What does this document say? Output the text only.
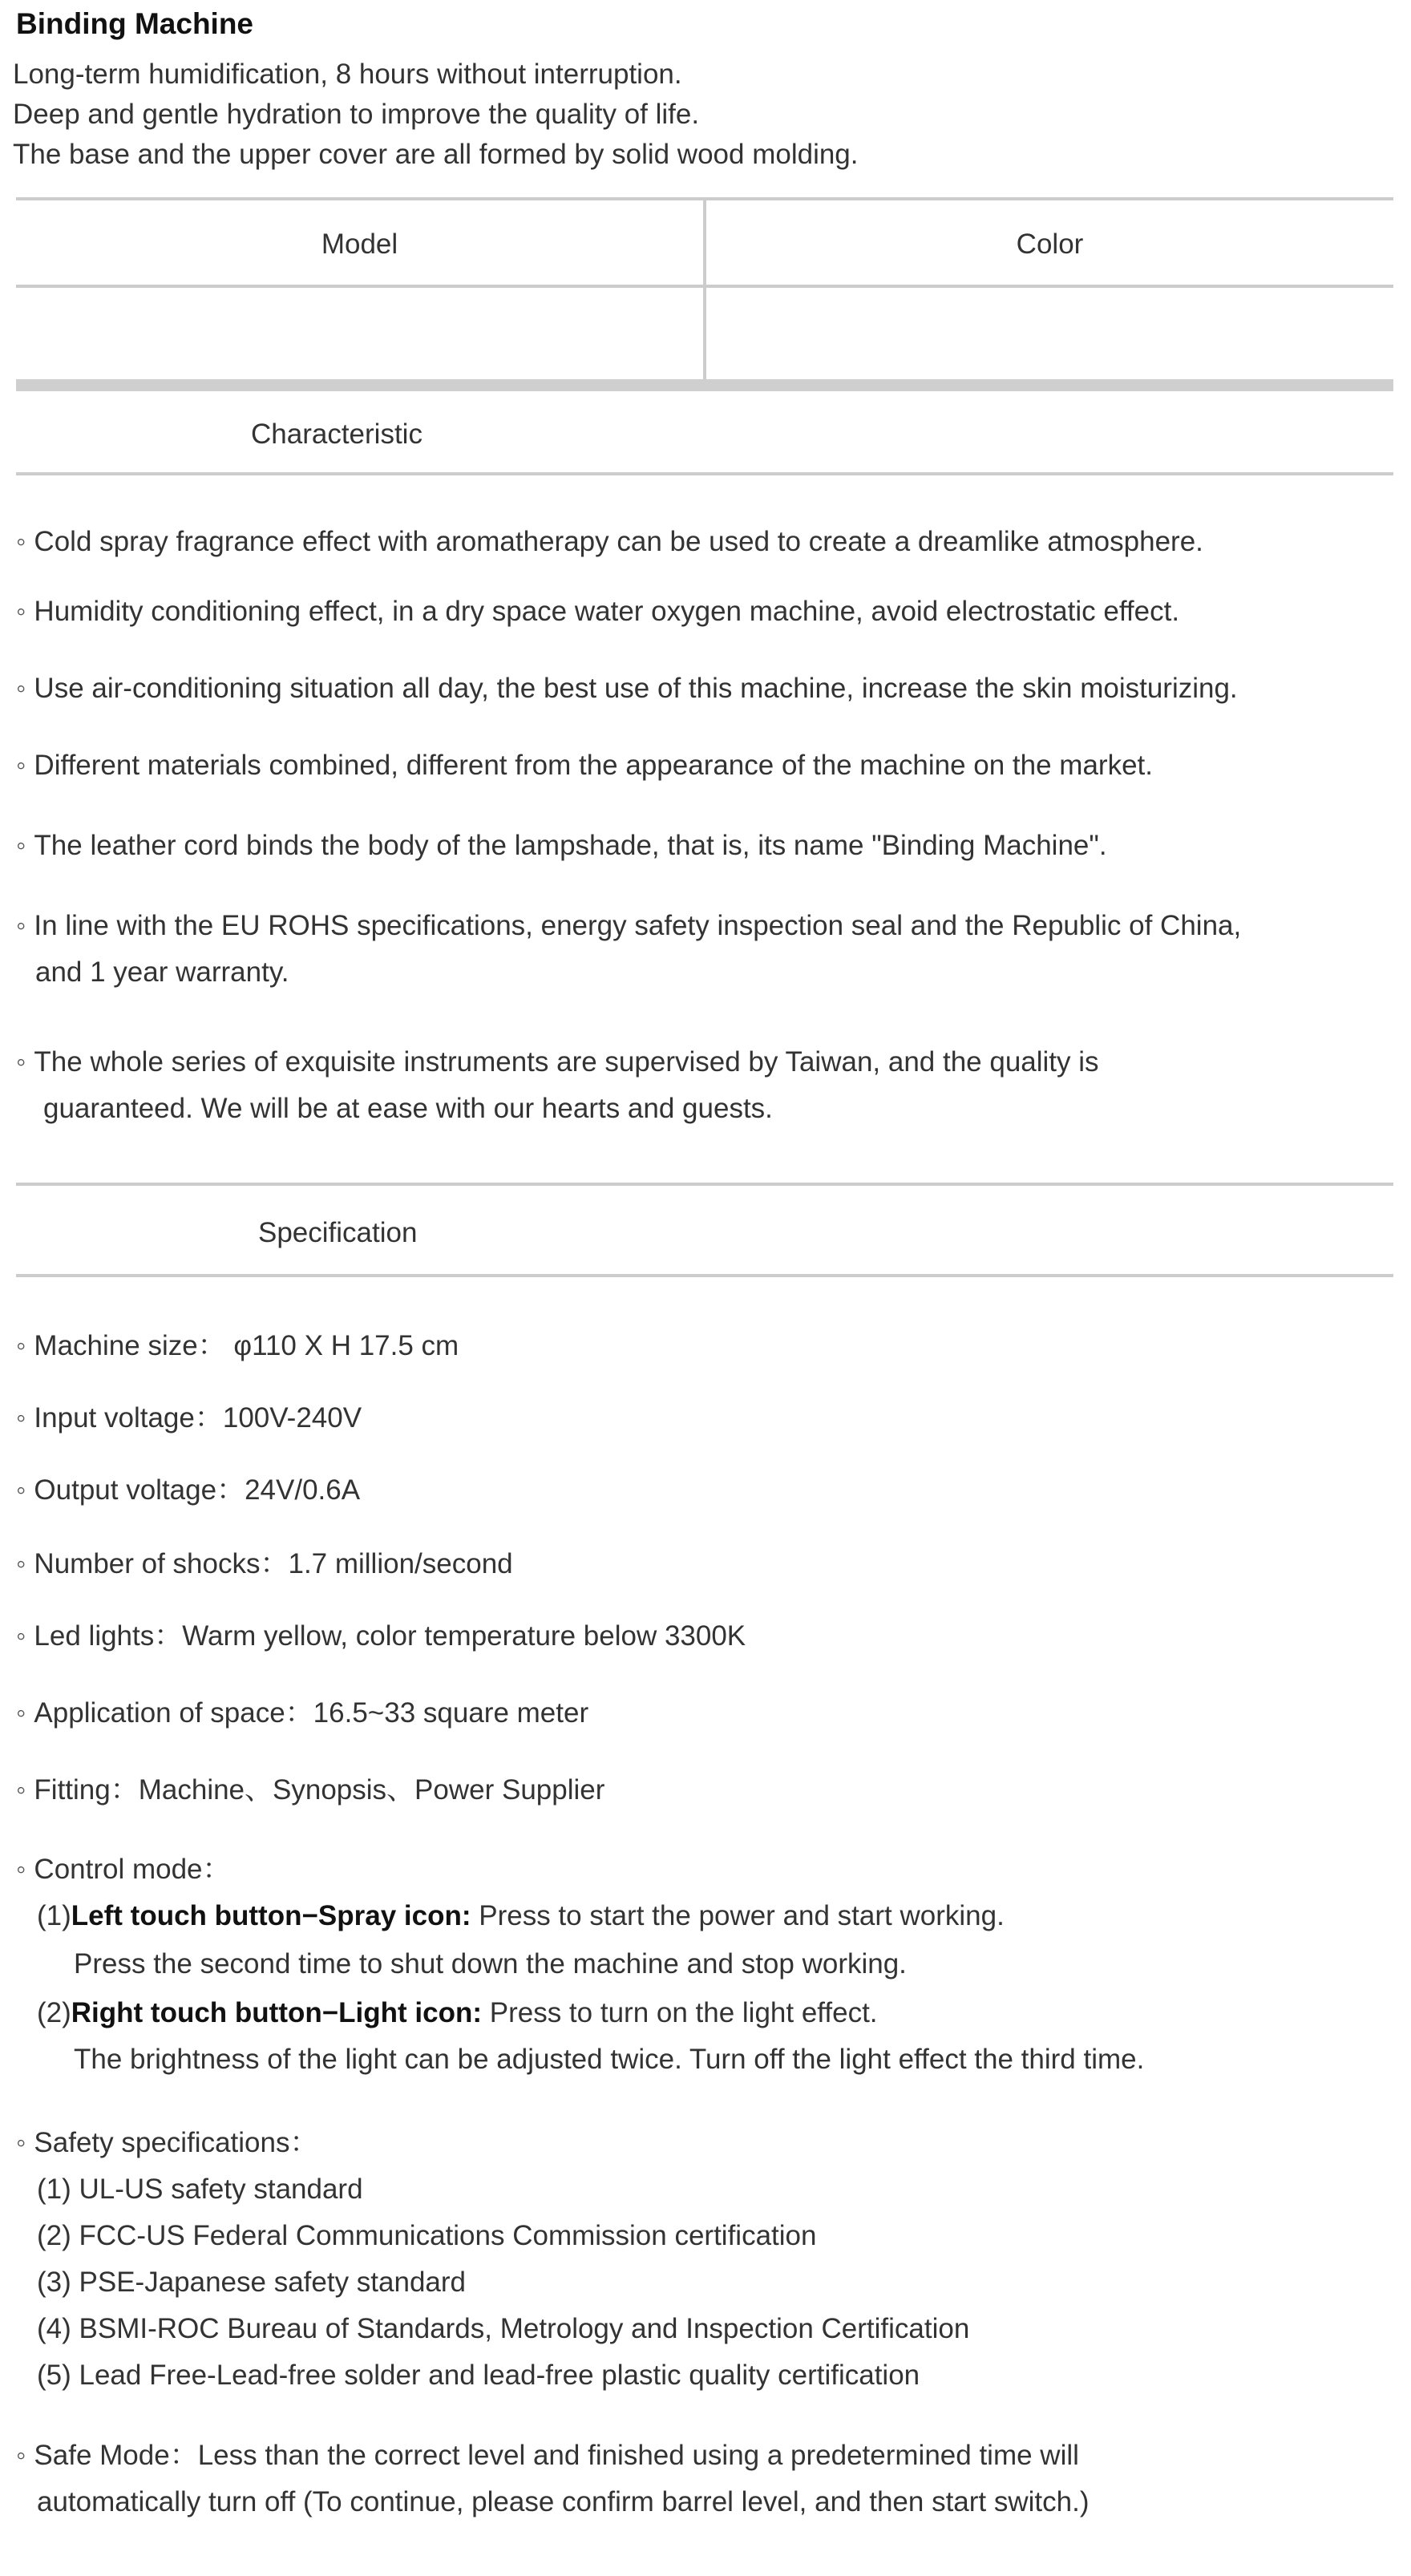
Binding Machine
Long-term humidification, 8 hours without interruption.
Deep and gentle hydration to improve the quality of life.
The base and the upper cover are all formed by solid wood molding.
Model	Color
Characteristic
◦ Cold spray fragrance effect with aromatherapy can be used to create a dreamlike atmosphere.
◦ Humidity conditioning effect, in a dry space water oxygen machine, avoid electrostatic effect.
◦ Use air-conditioning situation all day, the best use of this machine, increase the skin moisturizing.
◦ Different materials combined, different from the appearance of the machine on the market.
◦ The leather cord binds the body of the lampshade, that is, its name "Binding Machine".
◦ In line with the EU ROHS specifications, energy safety inspection seal and the Republic of China,
and 1 year warranty.
◦ The whole series of exquisite instruments are supervised by Taiwan, and the quality is
guaranteed. We will be at ease with our hearts and guests.
Specification
◦ Machine size： φ110 X H 17.5 cm
◦ Input voltage：100V-240V
◦ Output voltage：24V/0.6A
◦ Number of shocks：1.7 million/second
◦ Led lights：Warm yellow, color temperature below 3300K
◦ Application of space：16.5~33 square meter
◦ Fitting：Machine、Synopsis、Power Supplier
◦ Control mode：
(1)Left touch button−Spray icon: Press to start the power and start working.
Press the second time to shut down the machine and stop working.
(2)Right touch button−Light icon: Press to turn on the light effect.
The brightness of the light can be adjusted twice. Turn off the light effect the third time.
◦ Safety specifications：
(1) UL-US safety standard
(2) FCC-US Federal Communications Commission certification
(3) PSE-Japanese safety standard
(4) BSMI-ROC Bureau of Standards, Metrology and Inspection Certification
(5) Lead Free-Lead-free solder and lead-free plastic quality certification
◦ Safe Mode：Less than the correct level and finished using a predetermined time will
automatically turn off (To continue, please confirm barrel level, and then start switch.)
